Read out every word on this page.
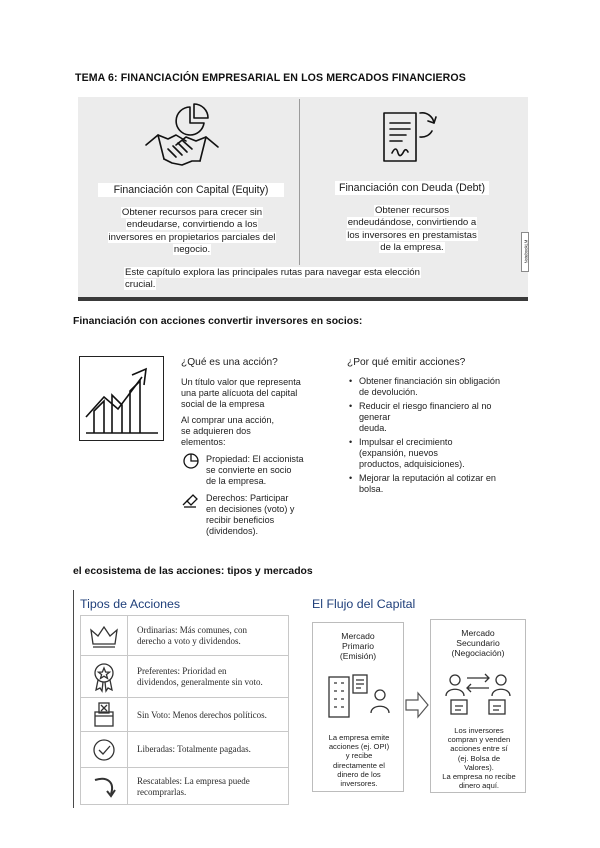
TEMA 6: FINANCIACIÓN EMPRESARIAL EN LOS MERCADOS FINANCIEROS
Financiación con Capital (Equity)
Obtener recursos para crecer sin
endeudarse, convirtiendo a los
inversores en propietarios parciales del
negocio.
Financiación con Deuda (Debt)
Obtener recursos
endeudándose, convirtiendo a
los inversores en prestamistas
de la empresa.
Este capítulo explora las principales rutas para navegar esta elección
crucial.
NotebookLM
NotebookLM
Financiación con acciones convertir inversores en socios:
¿Qué es una acción?
Un título valor que representa
una parte alícuota del capital
social de la empresa
Al comprar una acción,
se adquieren dos
elementos:
Propiedad: El accionista
se convierte en socio
de la empresa.
Derechos: Participar
en decisiones (voto) y
recibir beneficios
(dividendos).
¿Por qué emitir acciones?
• Obtener financiación sin obligación
de devolución.
• Reducir el riesgo financiero al no
generar
deuda.
• Impulsar el crecimiento
(expansión, nuevos
productos, adquisiciones).
• Mejorar la reputación al cotizar en
bolsa.
el ecosistema de las acciones: tipos y mercados
Tipos de Acciones
Ordinarias: Más comunes, con
derecho a voto y dividendos.
Preferentes: Prioridad en
dividendos, generalmente sin voto.
Sin Voto: Menos derechos políticos.
Liberadas: Totalmente pagadas.
Rescatables: La empresa puede
recomprarlas.
El Flujo del Capital
Mercado
Primario
(Emisión)
La empresa emite
acciones (ej. OPI)
y recibe
directamente el
dinero de los
inversores.
Mercado
Secundario
(Negociación)
Los inversores
compran y venden
acciones entre sí
(ej. Bolsa de
Valores).
La empresa no recibe
dinero aquí.
